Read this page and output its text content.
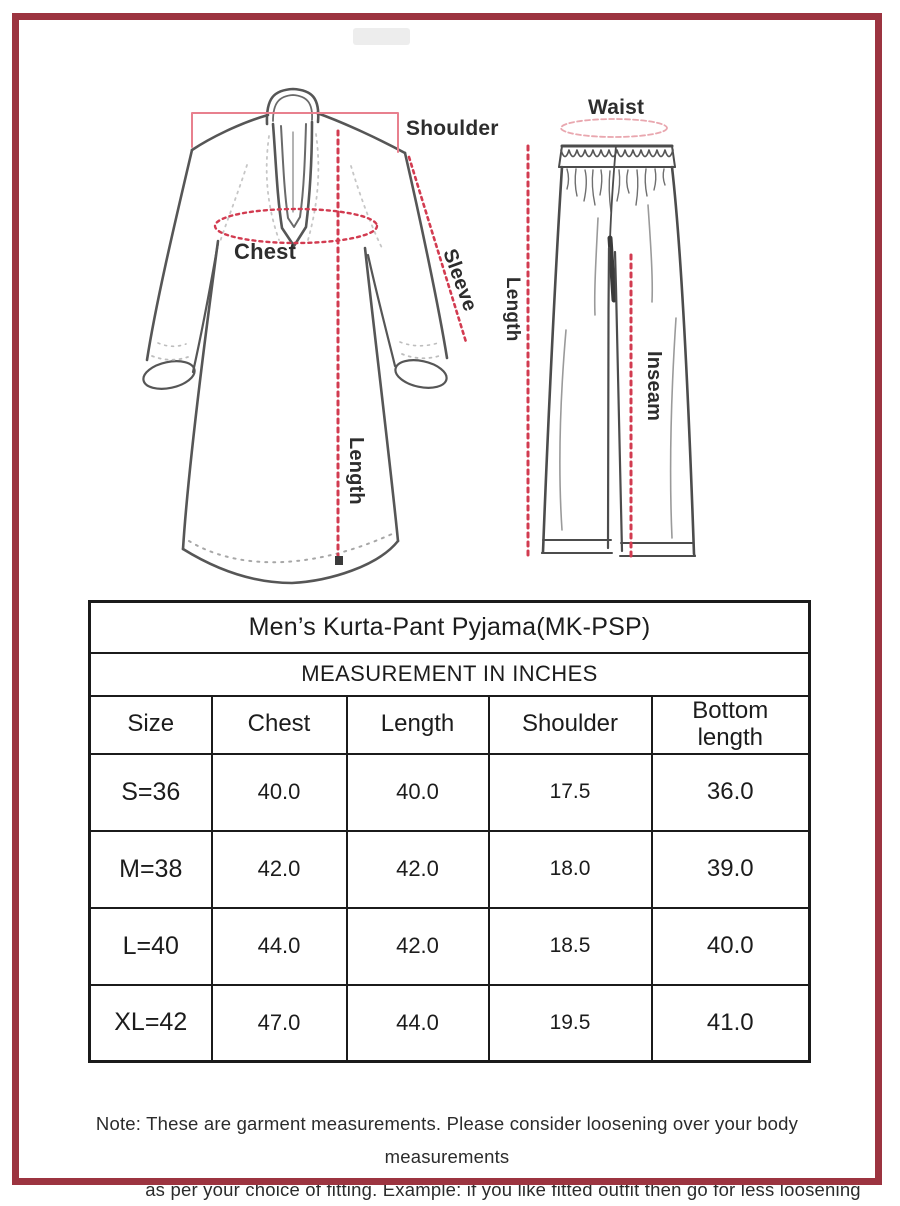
Shoulder
Chest	Sleeve
Length
Waist
Length
Inseam
Men’s Kurta-Pant Pyjama(MK-PSP)				
MEASUREMENT IN INCHES				
Size	Chest	Length	Shoulder	Bottom length
S=36	40.0	40.0	17.5	36.0
M=38	42.0	42.0	18.0	39.0
L=40	44.0	42.0	18.5	40.0
XL=42	47.0	44.0	19.5	41.0
Note: These are garment measurements. Please consider loosening over your body measurements
as per your choice of fitting. Example: if you like fitted outfit then go for less loosening
